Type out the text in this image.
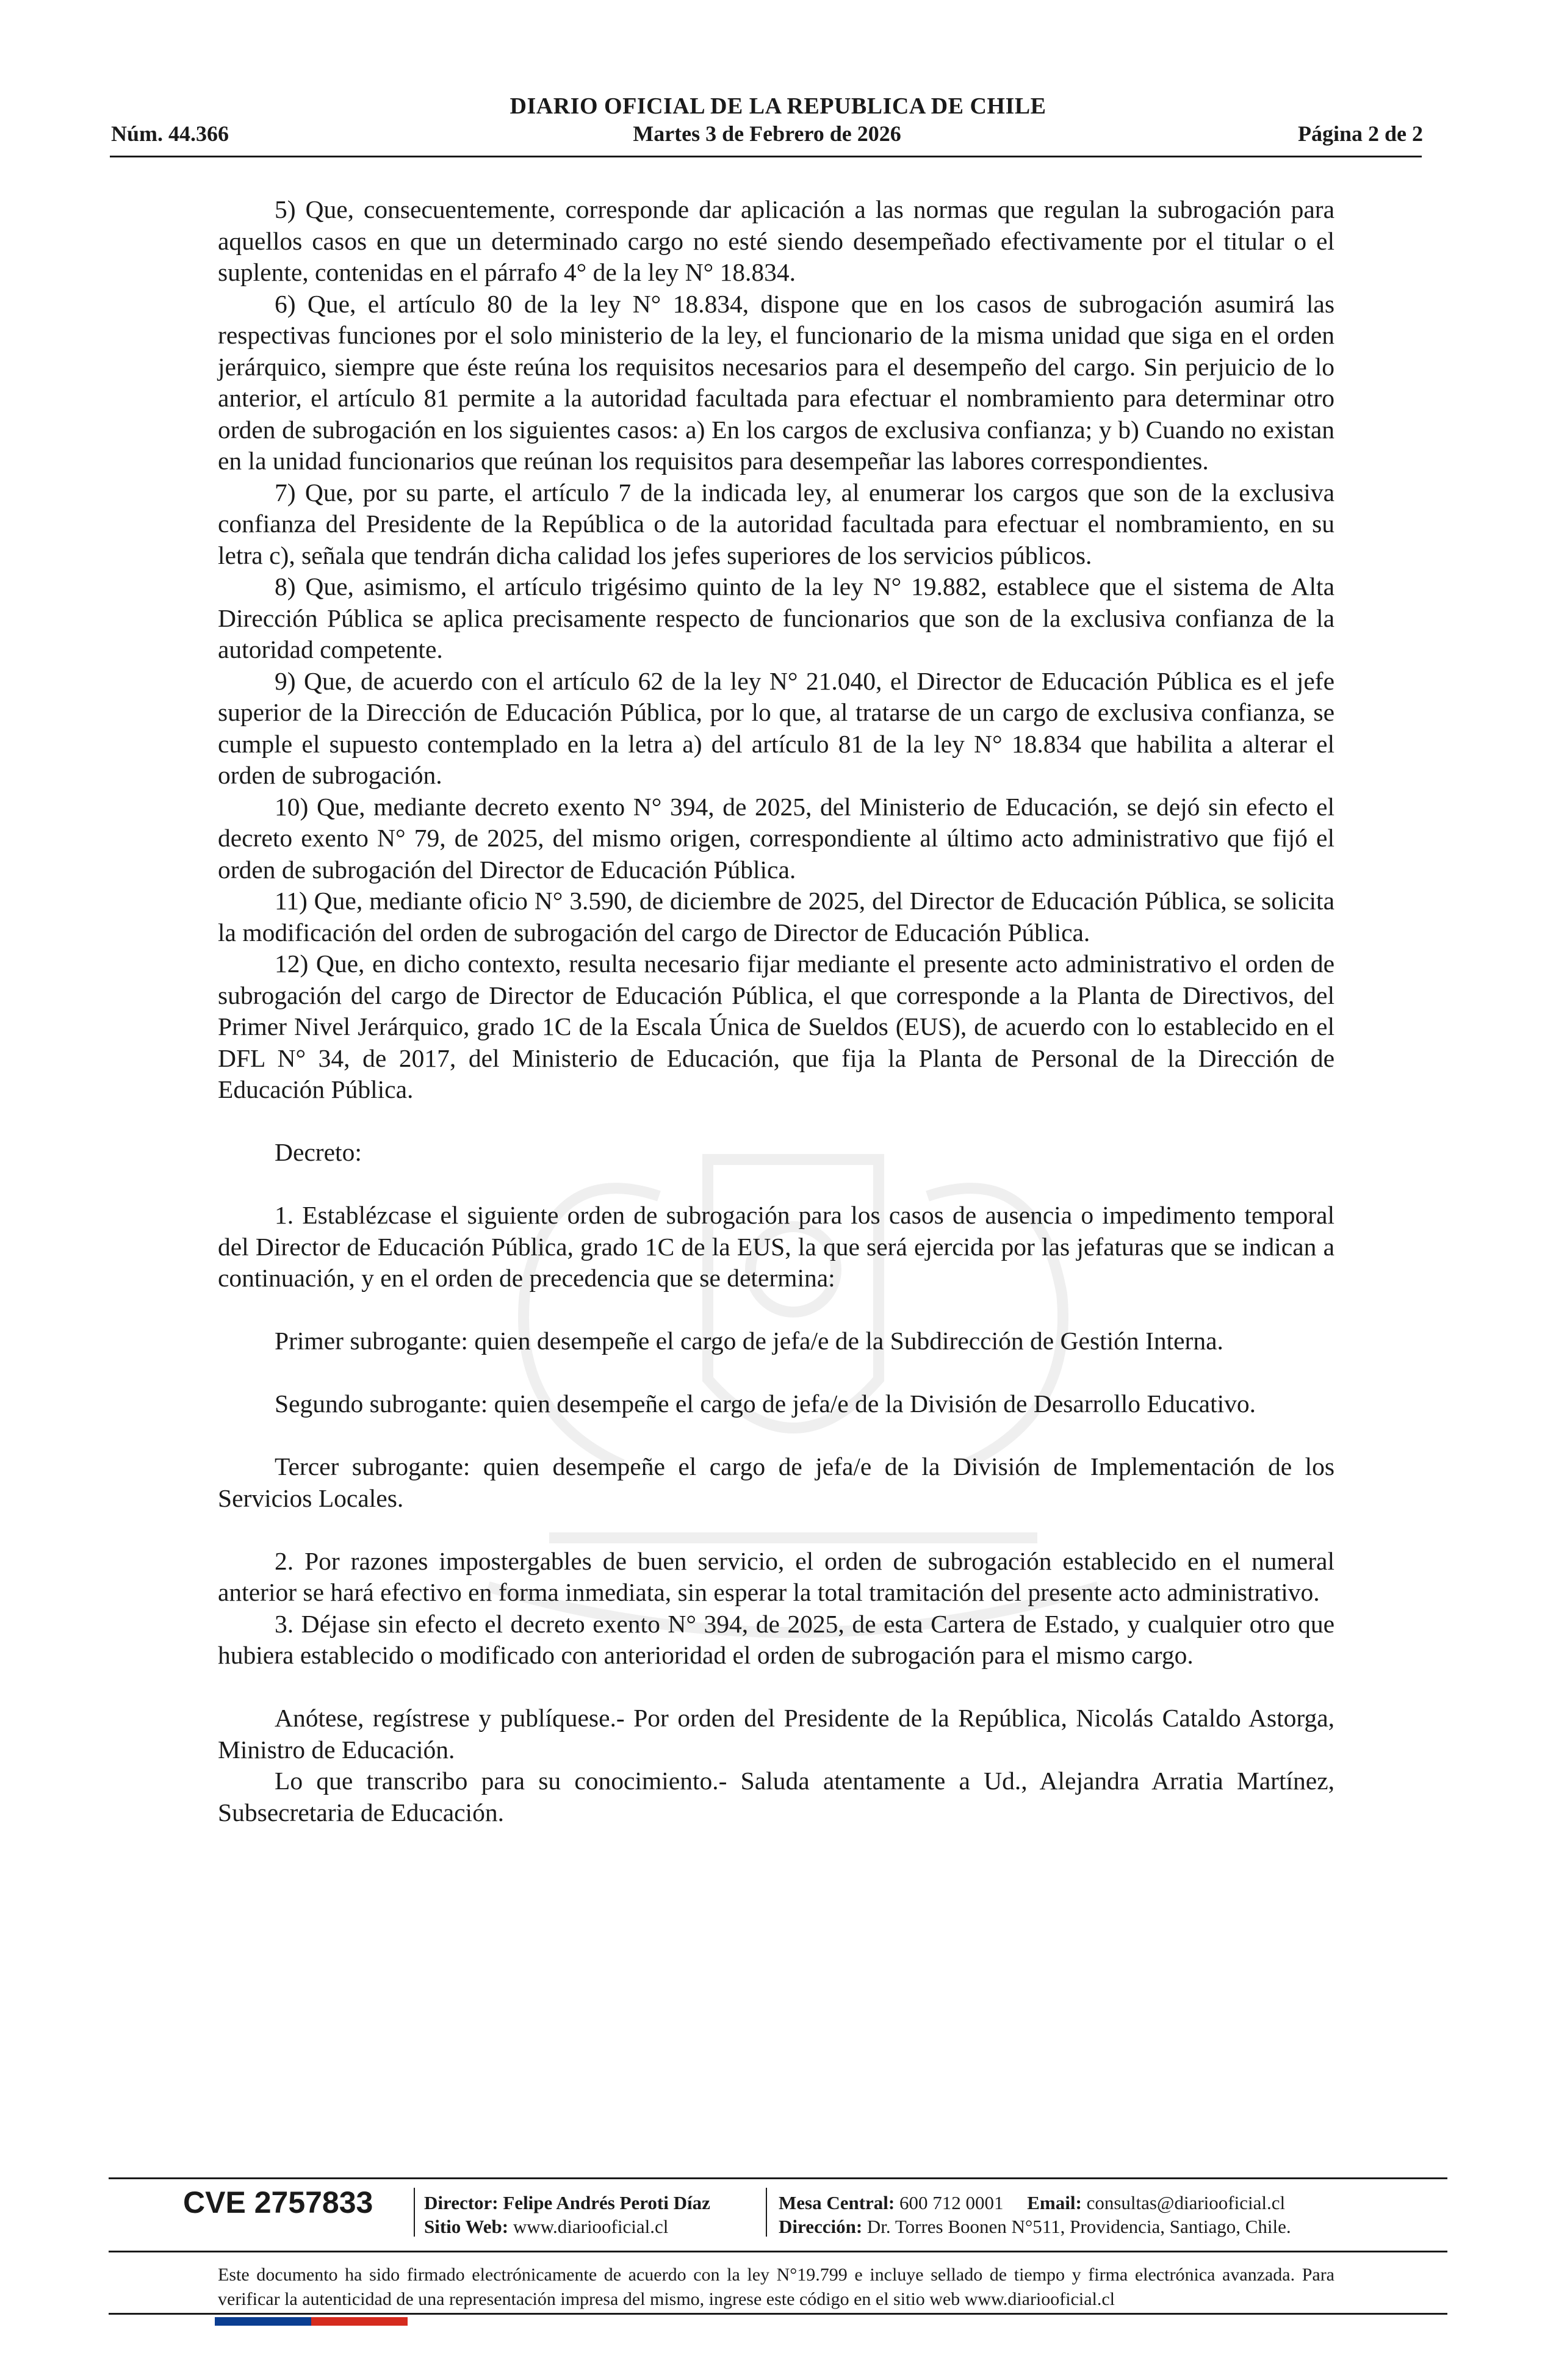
DIARIO OFICIAL DE LA REPUBLICA DE CHILE
Núm. 44.366	Martes 3 de Febrero de 2026	Página 2 de 2

5) Que, consecuentemente, corresponde dar aplicación a las normas que regulan la subrogación para aquellos casos en que un determinado cargo no esté siendo desempeñado efectivamente por el titular o el suplente, contenidas en el párrafo 4° de la ley N° 18.834.

6) Que, el artículo 80 de la ley N° 18.834, dispone que en los casos de subrogación asumirá las respectivas funciones por el solo ministerio de la ley, el funcionario de la misma unidad que siga en el orden jerárquico, siempre que éste reúna los requisitos necesarios para el desempeño del cargo. Sin perjuicio de lo anterior, el artículo 81 permite a la autoridad facultada para efectuar el nombramiento para determinar otro orden de subrogación en los siguientes casos: a) En los cargos de exclusiva confianza; y b) Cuando no existan en la unidad funcionarios que reúnan los requisitos para desempeñar las labores correspondientes.

7) Que, por su parte, el artículo 7 de la indicada ley, al enumerar los cargos que son de la exclusiva confianza del Presidente de la República o de la autoridad facultada para efectuar el nombramiento, en su letra c), señala que tendrán dicha calidad los jefes superiores de los servicios públicos.

8) Que, asimismo, el artículo trigésimo quinto de la ley N° 19.882, establece que el sistema de Alta Dirección Pública se aplica precisamente respecto de funcionarios que son de la exclusiva confianza de la autoridad competente.

9) Que, de acuerdo con el artículo 62 de la ley N° 21.040, el Director de Educación Pública es el jefe superior de la Dirección de Educación Pública, por lo que, al tratarse de un cargo de exclusiva confianza, se cumple el supuesto contemplado en la letra a) del artículo 81 de la ley N° 18.834 que habilita a alterar el orden de subrogación.

10) Que, mediante decreto exento N° 394, de 2025, del Ministerio de Educación, se dejó sin efecto el decreto exento N° 79, de 2025, del mismo origen, correspondiente al último acto administrativo que fijó el orden de subrogación del Director de Educación Pública.

11) Que, mediante oficio N° 3.590, de diciembre de 2025, del Director de Educación Pública, se solicita la modificación del orden de subrogación del cargo de Director de Educación Pública.

12) Que, en dicho contexto, resulta necesario fijar mediante el presente acto administrativo el orden de subrogación del cargo de Director de Educación Pública, el que corresponde a la Planta de Directivos, del Primer Nivel Jerárquico, grado 1C de la Escala Única de Sueldos (EUS), de acuerdo con lo establecido en el DFL N° 34, de 2017, del Ministerio de Educación, que fija la Planta de Personal de la Dirección de Educación Pública.

Decreto:

1. Establézcase el siguiente orden de subrogación para los casos de ausencia o impedimento temporal del Director de Educación Pública, grado 1C de la EUS, la que será ejercida por las jefaturas que se indican a continuación, y en el orden de precedencia que se determina:

Primer subrogante: quien desempeñe el cargo de jefa/e de la Subdirección de Gestión Interna.

Segundo subrogante: quien desempeñe el cargo de jefa/e de la División de Desarrollo Educativo.

Tercer subrogante: quien desempeñe el cargo de jefa/e de la División de Implementación de los Servicios Locales.

2. Por razones impostergables de buen servicio, el orden de subrogación establecido en el numeral anterior se hará efectivo en forma inmediata, sin esperar la total tramitación del presente acto administrativo.

3. Déjase sin efecto el decreto exento N° 394, de 2025, de esta Cartera de Estado, y cualquier otro que hubiera establecido o modificado con anterioridad el orden de subrogación para el mismo cargo.

Anótese, regístrese y publíquese.- Por orden del Presidente de la República, Nicolás Cataldo Astorga, Ministro de Educación.

Lo que transcribo para su conocimiento.- Saluda atentamente a Ud., Alejandra Arratia Martínez, Subsecretaria de Educación.

CVE 2757833	Director: Felipe Andrés Peroti Díaz
Sitio Web: www.diariooficial.cl
Mesa Central: 600 712 0001 Email: consultas@diariooficial.cl
Dirección: Dr. Torres Boonen N°511, Providencia, Santiago, Chile.
Este documento ha sido firmado electrónicamente de acuerdo con la ley N°19.799 e incluye sellado de tiempo y firma electrónica avanzada. Para verificar la autenticidad de una representación impresa del mismo, ingrese este código en el sitio web www.diariooficial.cl
